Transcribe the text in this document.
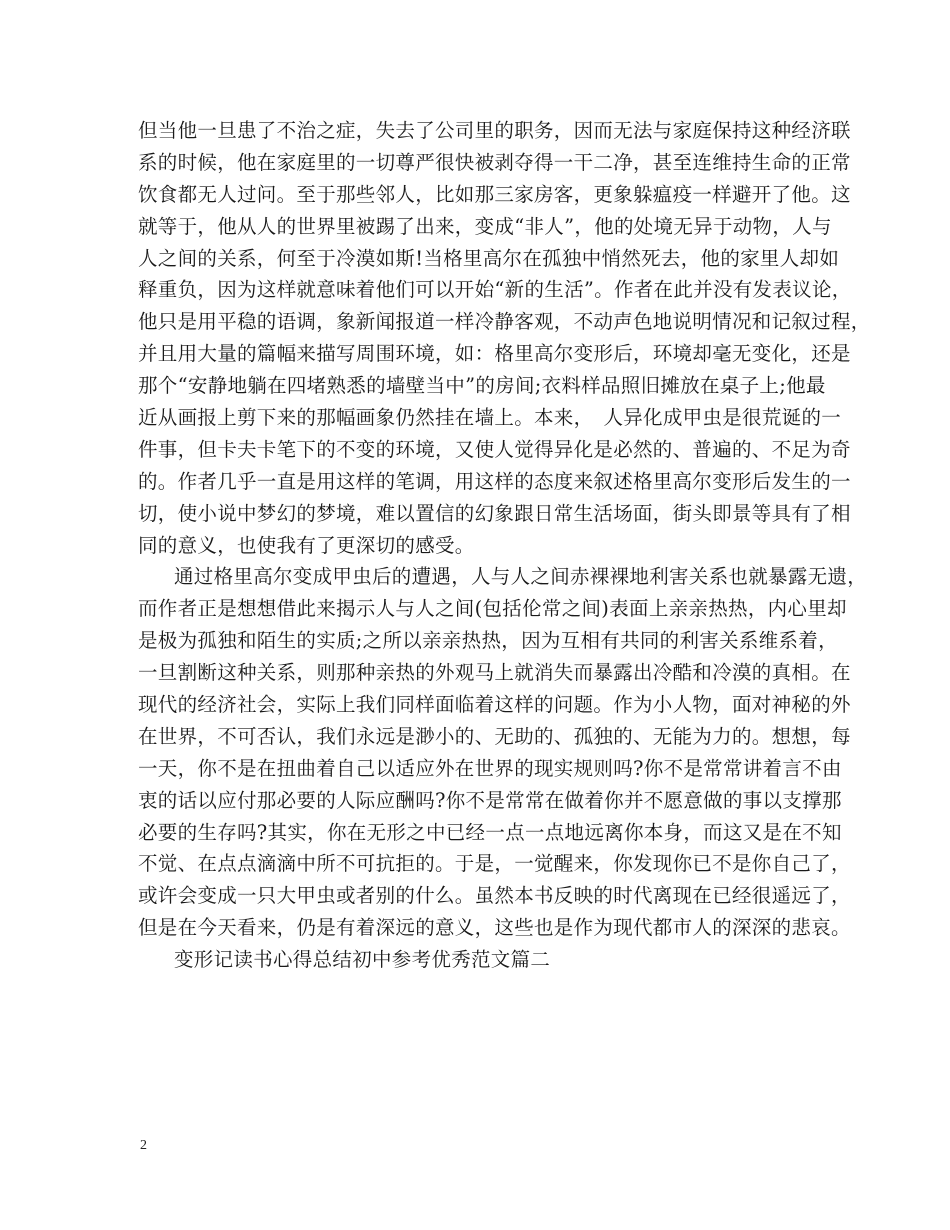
但当他一旦患了不治之症，失去了公司里的职务，因而无法与家庭保持这种经济联
系的时候，他在家庭里的一切尊严很快被剥夺得一干二净，甚至连维持生命的正常
饮食都无人过问。至于那些邻人，比如那三家房客，更象躲瘟疫一样避开了他。这
就等于，他从人的世界里被踢了出来，变成“非人”，他的处境无异于动物，人与
人之间的关系，何至于冷漠如斯!当格里高尔在孤独中悄然死去，他的家里人却如
释重负，因为这样就意味着他们可以开始“新的生活”。作者在此并没有发表议论，
他只是用平稳的语调，象新闻报道一样冷静客观，不动声色地说明情况和记叙过程，
并且用大量的篇幅来描写周围环境，如：格里高尔变形后，环境却毫无变化，还是
那个“安静地躺在四堵熟悉的墙壁当中”的房间;衣料样品照旧摊放在桌子上;他最
近从画报上剪下来的那幅画象仍然挂在墙上。本来，　人异化成甲虫是很荒诞的一
件事，但卡夫卡笔下的不变的环境，又使人觉得异化是必然的、普遍的、不足为奇
的。作者几乎一直是用这样的笔调，用这样的态度来叙述格里高尔变形后发生的一
切，使小说中梦幻的梦境，难以置信的幻象跟日常生活场面，街头即景等具有了相
同的意义，也使我有了更深切的感受。
通过格里高尔变成甲虫后的遭遇，人与人之间赤裸裸地利害关系也就暴露无遗，
而作者正是想想借此来揭示人与人之间(包括伦常之间)表面上亲亲热热，内心里却
是极为孤独和陌生的实质;之所以亲亲热热，因为互相有共同的利害关系维系着，
一旦割断这种关系，则那种亲热的外观马上就消失而暴露出冷酷和冷漠的真相。在
现代的经济社会，实际上我们同样面临着这样的问题。作为小人物，面对神秘的外
在世界，不可否认，我们永远是渺小的、无助的、孤独的、无能为力的。想想，每
一天，你不是在扭曲着自己以适应外在世界的现实规则吗?你不是常常讲着言不由
衷的话以应付那必要的人际应酬吗?你不是常常在做着你并不愿意做的事以支撑那
必要的生存吗?其实，你在无形之中已经一点一点地远离你本身，而这又是在不知
不觉、在点点滴滴中所不可抗拒的。于是，一觉醒来，你发现你已不是你自己了，
或许会变成一只大甲虫或者别的什么。虽然本书反映的时代离现在已经很遥远了，
但是在今天看来，仍是有着深远的意义，这些也是作为现代都市人的深深的悲哀。
变形记读书心得总结初中参考优秀范文篇二
2
